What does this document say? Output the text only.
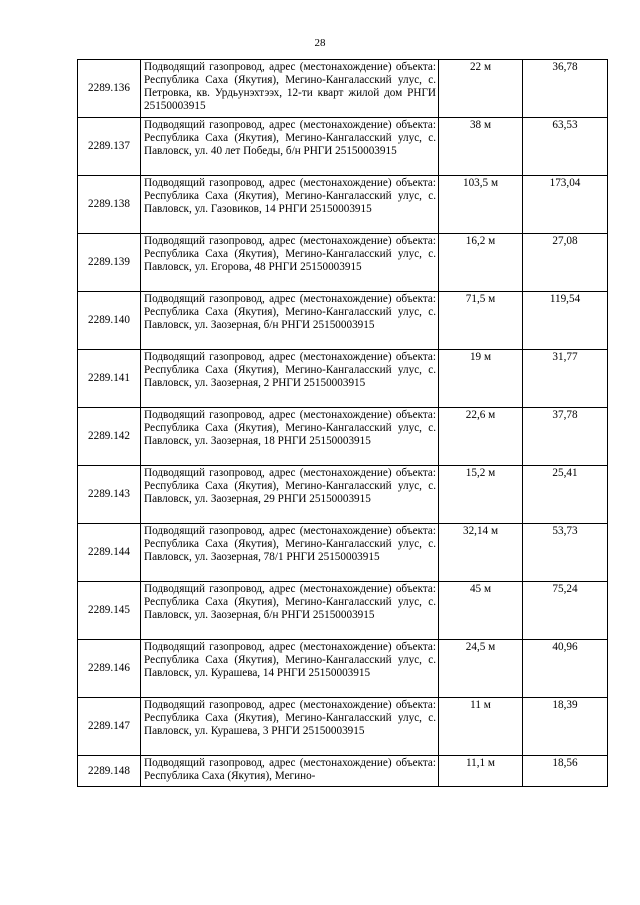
28
2289.136	Подводящий газопровод, адрес (местонахождение) объекта: Республика Саха (Якутия), Мегино-Кангаласский улус, с. Петровка, кв. Урдьунэхтээх, 12-ти кварт жилой дом РНГИ 25150003915	22 м	36,78
2289.137	Подводящий газопровод, адрес (местонахождение) объекта: Республика Саха (Якутия), Мегино-Кангаласский улус, с. Павловск, ул. 40 лет Победы, б/н РНГИ 25150003915	38 м	63,53
2289.138	Подводящий газопровод, адрес (местонахождение) объекта: Республика Саха (Якутия), Мегино-Кангаласский улус, с. Павловск, ул. Газовиков, 14 РНГИ 25150003915	103,5 м	173,04
2289.139	Подводящий газопровод, адрес (местонахождение) объекта: Республика Саха (Якутия), Мегино-Кангаласский улус, с. Павловск, ул. Егорова, 48 РНГИ 25150003915	16,2 м	27,08
2289.140	Подводящий газопровод, адрес (местонахождение) объекта: Республика Саха (Якутия), Мегино-Кангаласский улус, с. Павловск, ул. Заозерная, б/н РНГИ 25150003915	71,5 м	119,54
2289.141	Подводящий газопровод, адрес (местонахождение) объекта: Республика Саха (Якутия), Мегино-Кангаласский улус, с. Павловск, ул. Заозерная, 2 РНГИ 25150003915	19 м	31,77
2289.142	Подводящий газопровод, адрес (местонахождение) объекта: Республика Саха (Якутия), Мегино-Кангаласский улус, с. Павловск, ул. Заозерная, 18 РНГИ 25150003915	22,6 м	37,78
2289.143	Подводящий газопровод, адрес (местонахождение) объекта: Республика Саха (Якутия), Мегино-Кангаласский улус, с. Павловск, ул. Заозерная, 29 РНГИ 25150003915	15,2 м	25,41
2289.144	Подводящий газопровод, адрес (местонахождение) объекта: Республика Саха (Якутия), Мегино-Кангаласский улус, с. Павловск, ул. Заозерная, 78/1 РНГИ 25150003915	32,14 м	53,73
2289.145	Подводящий газопровод, адрес (местонахождение) объекта: Республика Саха (Якутия), Мегино-Кангаласский улус, с. Павловск, ул. Заозерная, б/н РНГИ 25150003915	45 м	75,24
2289.146	Подводящий газопровод, адрес (местонахождение) объекта: Республика Саха (Якутия), Мегино-Кангаласский улус, с. Павловск, ул. Курашева, 14 РНГИ 25150003915	24,5 м	40,96
2289.147	Подводящий газопровод, адрес (местонахождение) объекта: Республика Саха (Якутия), Мегино-Кангаласский улус, с. Павловск, ул. Курашева, 3 РНГИ 25150003915	11 м	18,39
2289.148	Подводящий газопровод, адрес (местонахождение) объекта: Республика Саха (Якутия), Мегино-	11,1 м	18,56
